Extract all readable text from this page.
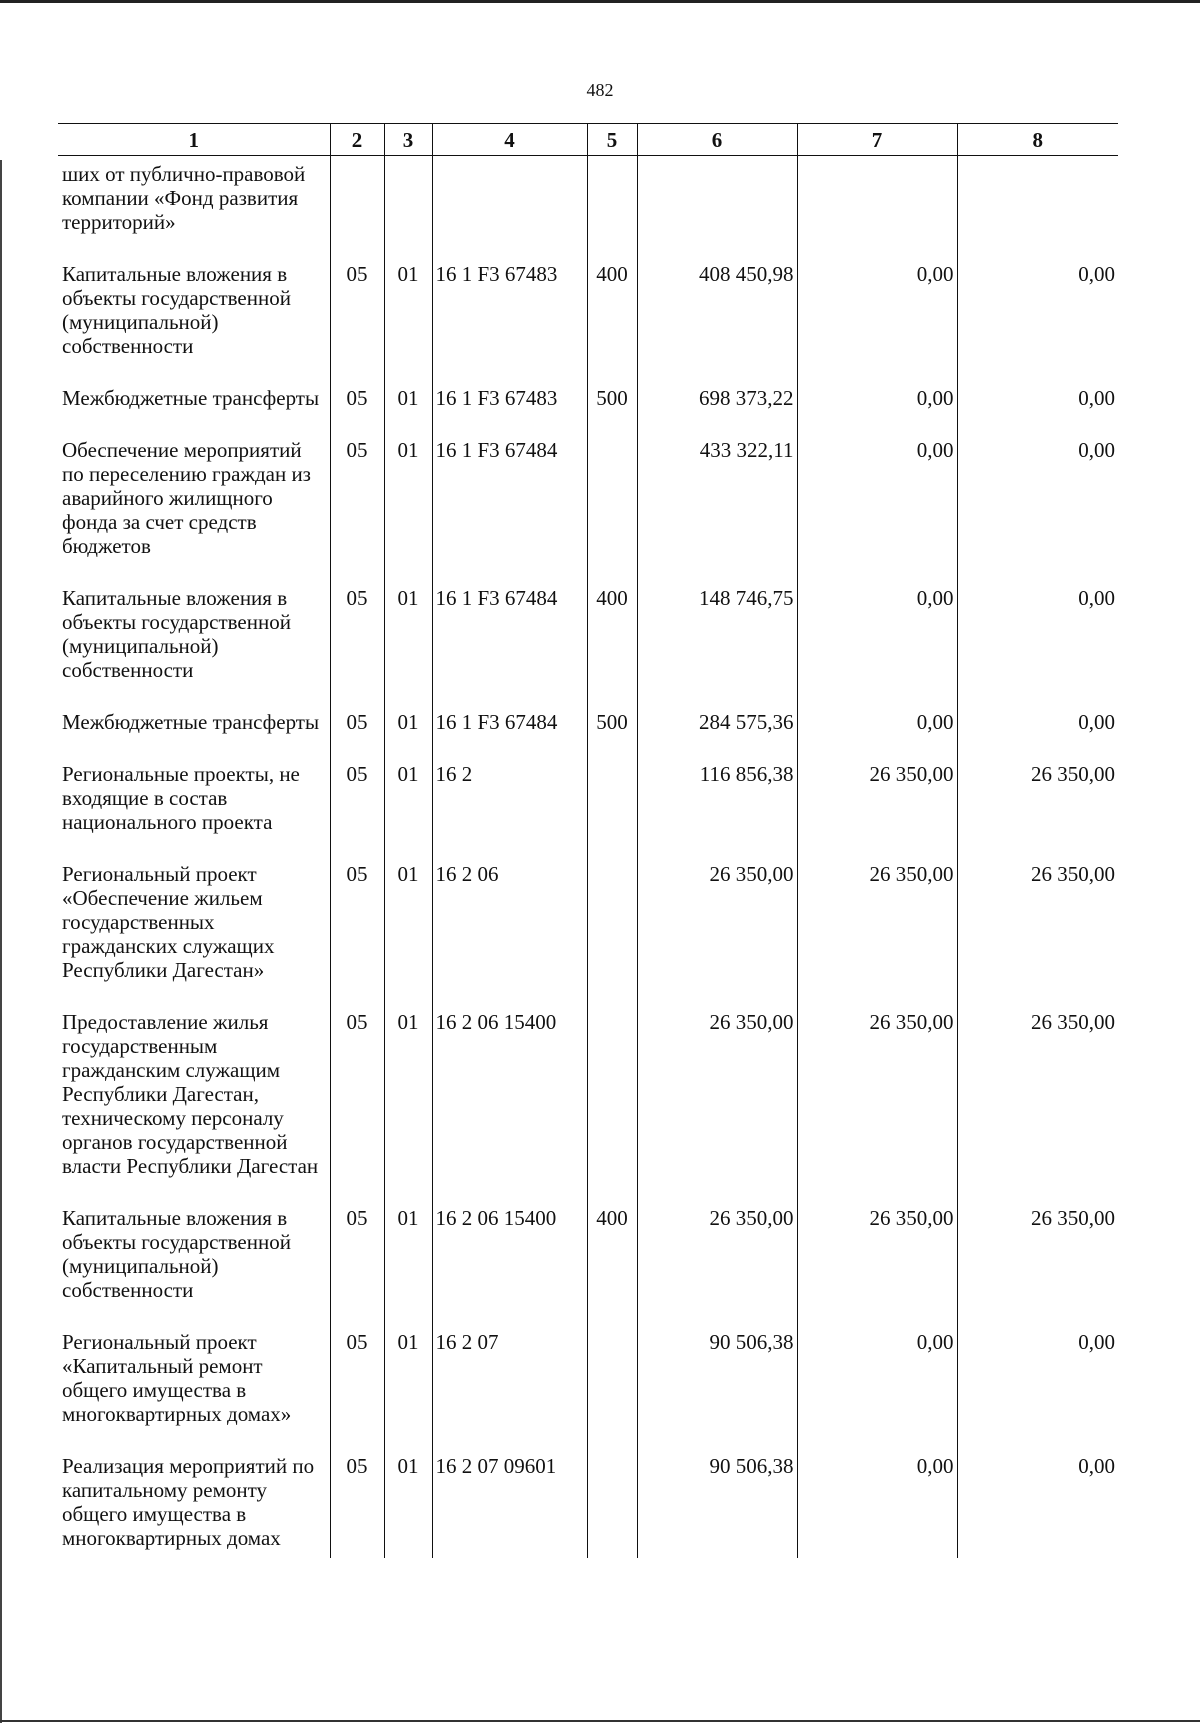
482
1	2	3	4	5	6	7	8
ших от публично-правовой компании «Фонд развития территорий»							
Капитальные вложения в объекты государственной (муниципальной) собственности	05	01	16 1 F3 67483	400	408 450,98	0,00	0,00
Межбюджетные трансферты	05	01	16 1 F3 67483	500	698 373,22	0,00	0,00
Обеспечение мероприятий по переселению граждан из аварийного жилищного фонда за счет средств бюджетов	05	01	16 1 F3 67484		433 322,11	0,00	0,00
Капитальные вложения в объекты государственной (муниципальной) собственности	05	01	16 1 F3 67484	400	148 746,75	0,00	0,00
Межбюджетные трансферты	05	01	16 1 F3 67484	500	284 575,36	0,00	0,00
Региональные проекты, не входящие в состав национального проекта	05	01	16 2		116 856,38	26 350,00	26 350,00
Региональный проект «Обеспечение жильем государственных гражданских служащих Республики Дагестан»	05	01	16 2 06		26 350,00	26 350,00	26 350,00
Предоставление жилья государственным гражданским служащим Республики Дагестан, техническому персоналу органов государственной власти Республики Дагестан	05	01	16 2 06 15400		26 350,00	26 350,00	26 350,00
Капитальные вложения в объекты государственной (муниципальной) собственности	05	01	16 2 06 15400	400	26 350,00	26 350,00	26 350,00
Региональный проект «Капитальный ремонт общего имущества в многоквартирных домах»	05	01	16 2 07		90 506,38	0,00	0,00
Реализация мероприятий по капитальному ремонту общего имущества в многоквартирных домах	05	01	16 2 07 09601		90 506,38	0,00	0,00
